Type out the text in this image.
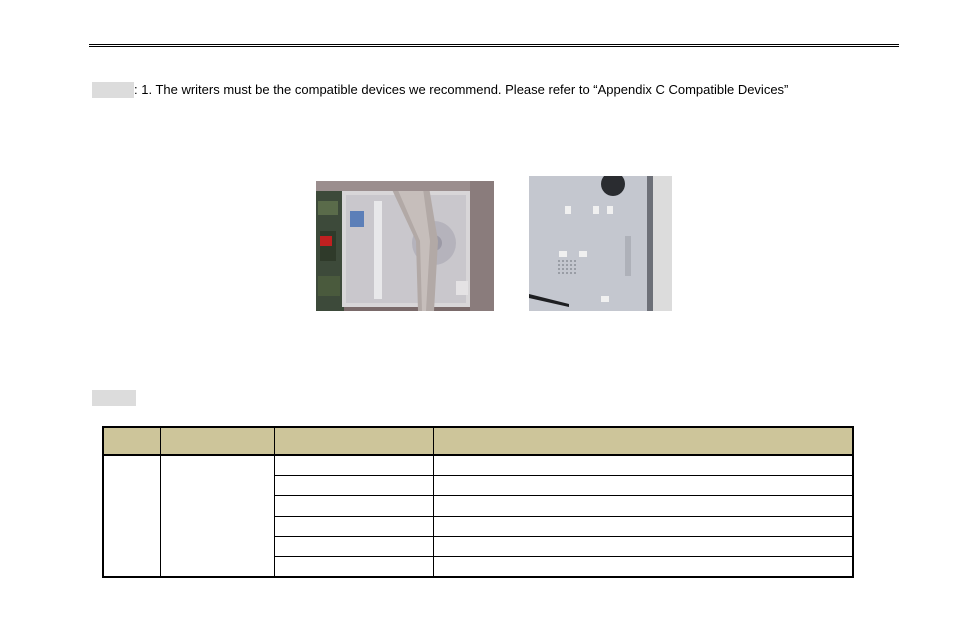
: 1. The writers must be the compatible devices we recommend. Please refer to “Appendix C Compatible Devices”
